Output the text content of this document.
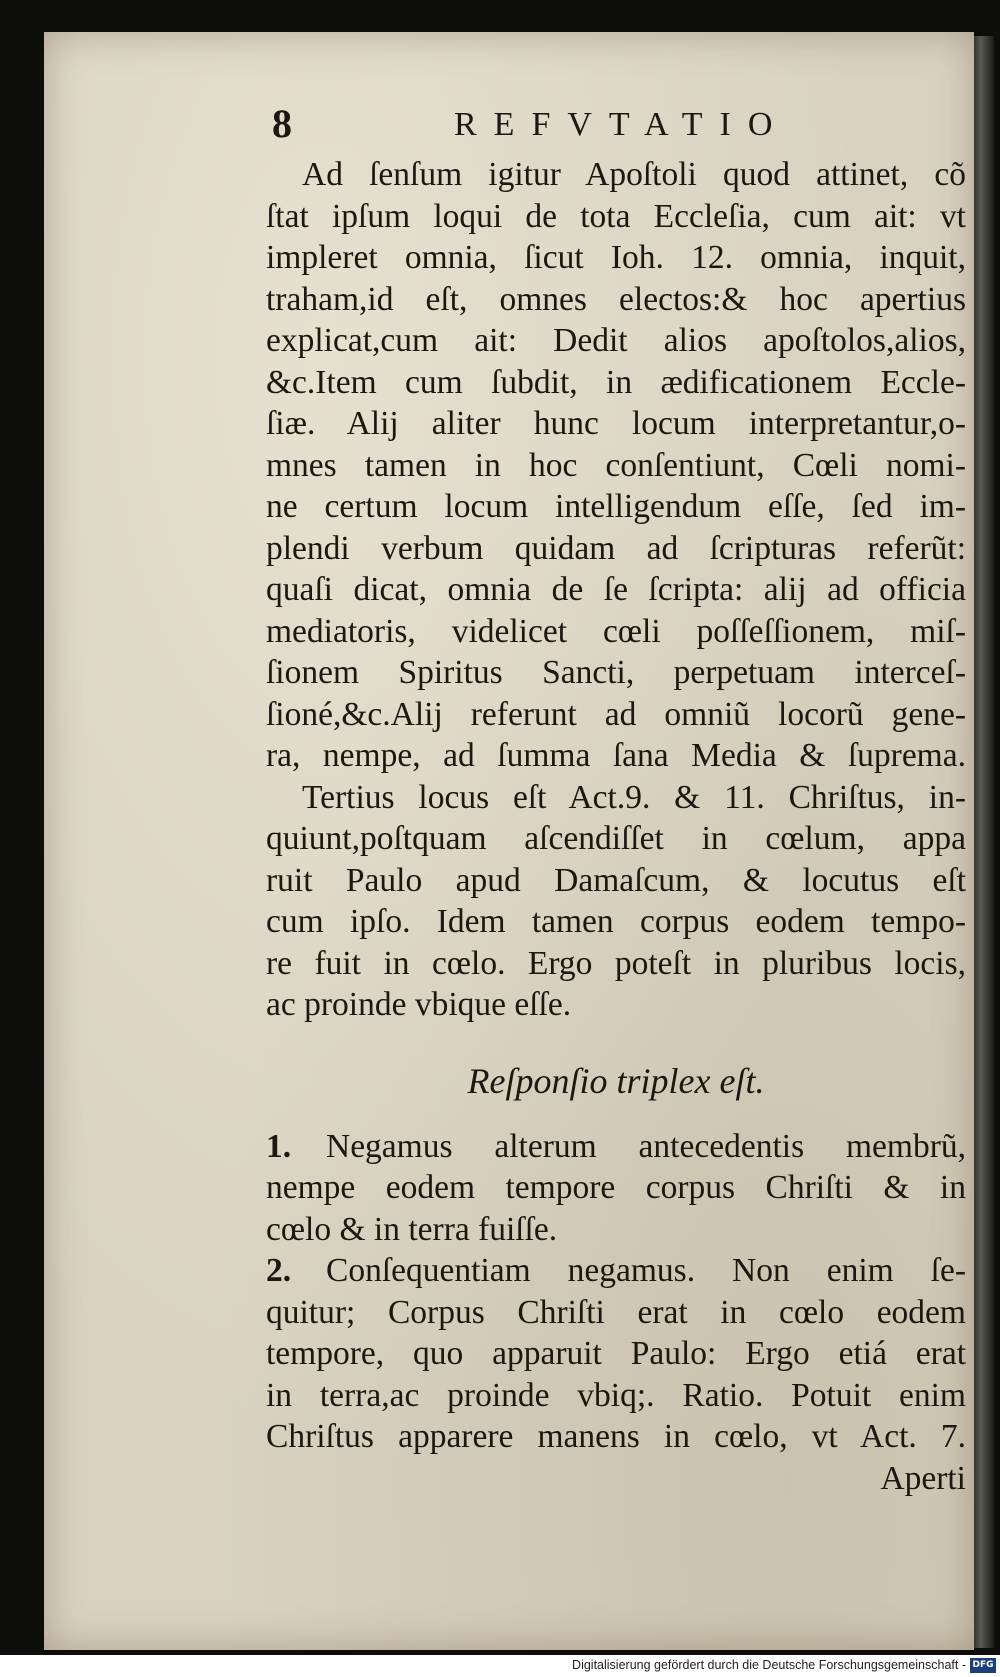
8	REFVTATIO
Ad ſenſum igitur Apoſtoli quod attinet, cõ
ſtat ipſum loqui de tota Eccleſia, cum ait: vt
impleret omnia, ſicut Ioh. 12. omnia, inquit,
traham,id eſt, omnes electos:& hoc apertius
explicat,cum ait: Dedit alios apoſtolos,alios,
&c.Item cum ſubdit, in ædificationem Eccle-
ſiæ. Alij aliter hunc locum interpretantur,o-
mnes tamen in hoc conſentiunt, Cœli nomi-
ne certum locum intelligendum eſſe, ſed im-
plendi verbum quidam ad ſcripturas referũt:
quaſi dicat, omnia de ſe ſcripta: alij ad officia
mediatoris, videlicet cœli poſſeſſionem, miſ-
ſionem Spiritus Sancti, perpetuam interceſ-
ſioné,&c.Alij referunt ad omniũ locorũ gene-
ra, nempe, ad ſumma ſana Media & ſuprema.
Tertius locus eſt Act.9. & 11. Chriſtus, in-
quiunt,poſtquam aſcendiſſet in cœlum, appa
ruit Paulo apud Damaſcum, & locutus eſt
cum ipſo. Idem tamen corpus eodem tempo-
re fuit in cœlo. Ergo poteſt in pluribus locis,
ac proinde vbique eſſe.
Reſponſio triplex eſt.
1.	Negamus alterum antecedentis membrũ,
nempe eodem tempore corpus Chriſti & in
cœlo & in terra fuiſſe.
2.	Conſequentiam negamus. Non enim ſe-
quitur; Corpus Chriſti erat in cœlo eodem
tempore, quo apparuit Paulo: Ergo etiá erat
in terra,ac proinde vbiq;. Ratio. Potuit enim
Chriſtus apparere manens in cœlo, vt Act. 7.
Aperti
Digitalisierung gefördert durch die Deutsche Forschungsgemeinschaft - DFG
